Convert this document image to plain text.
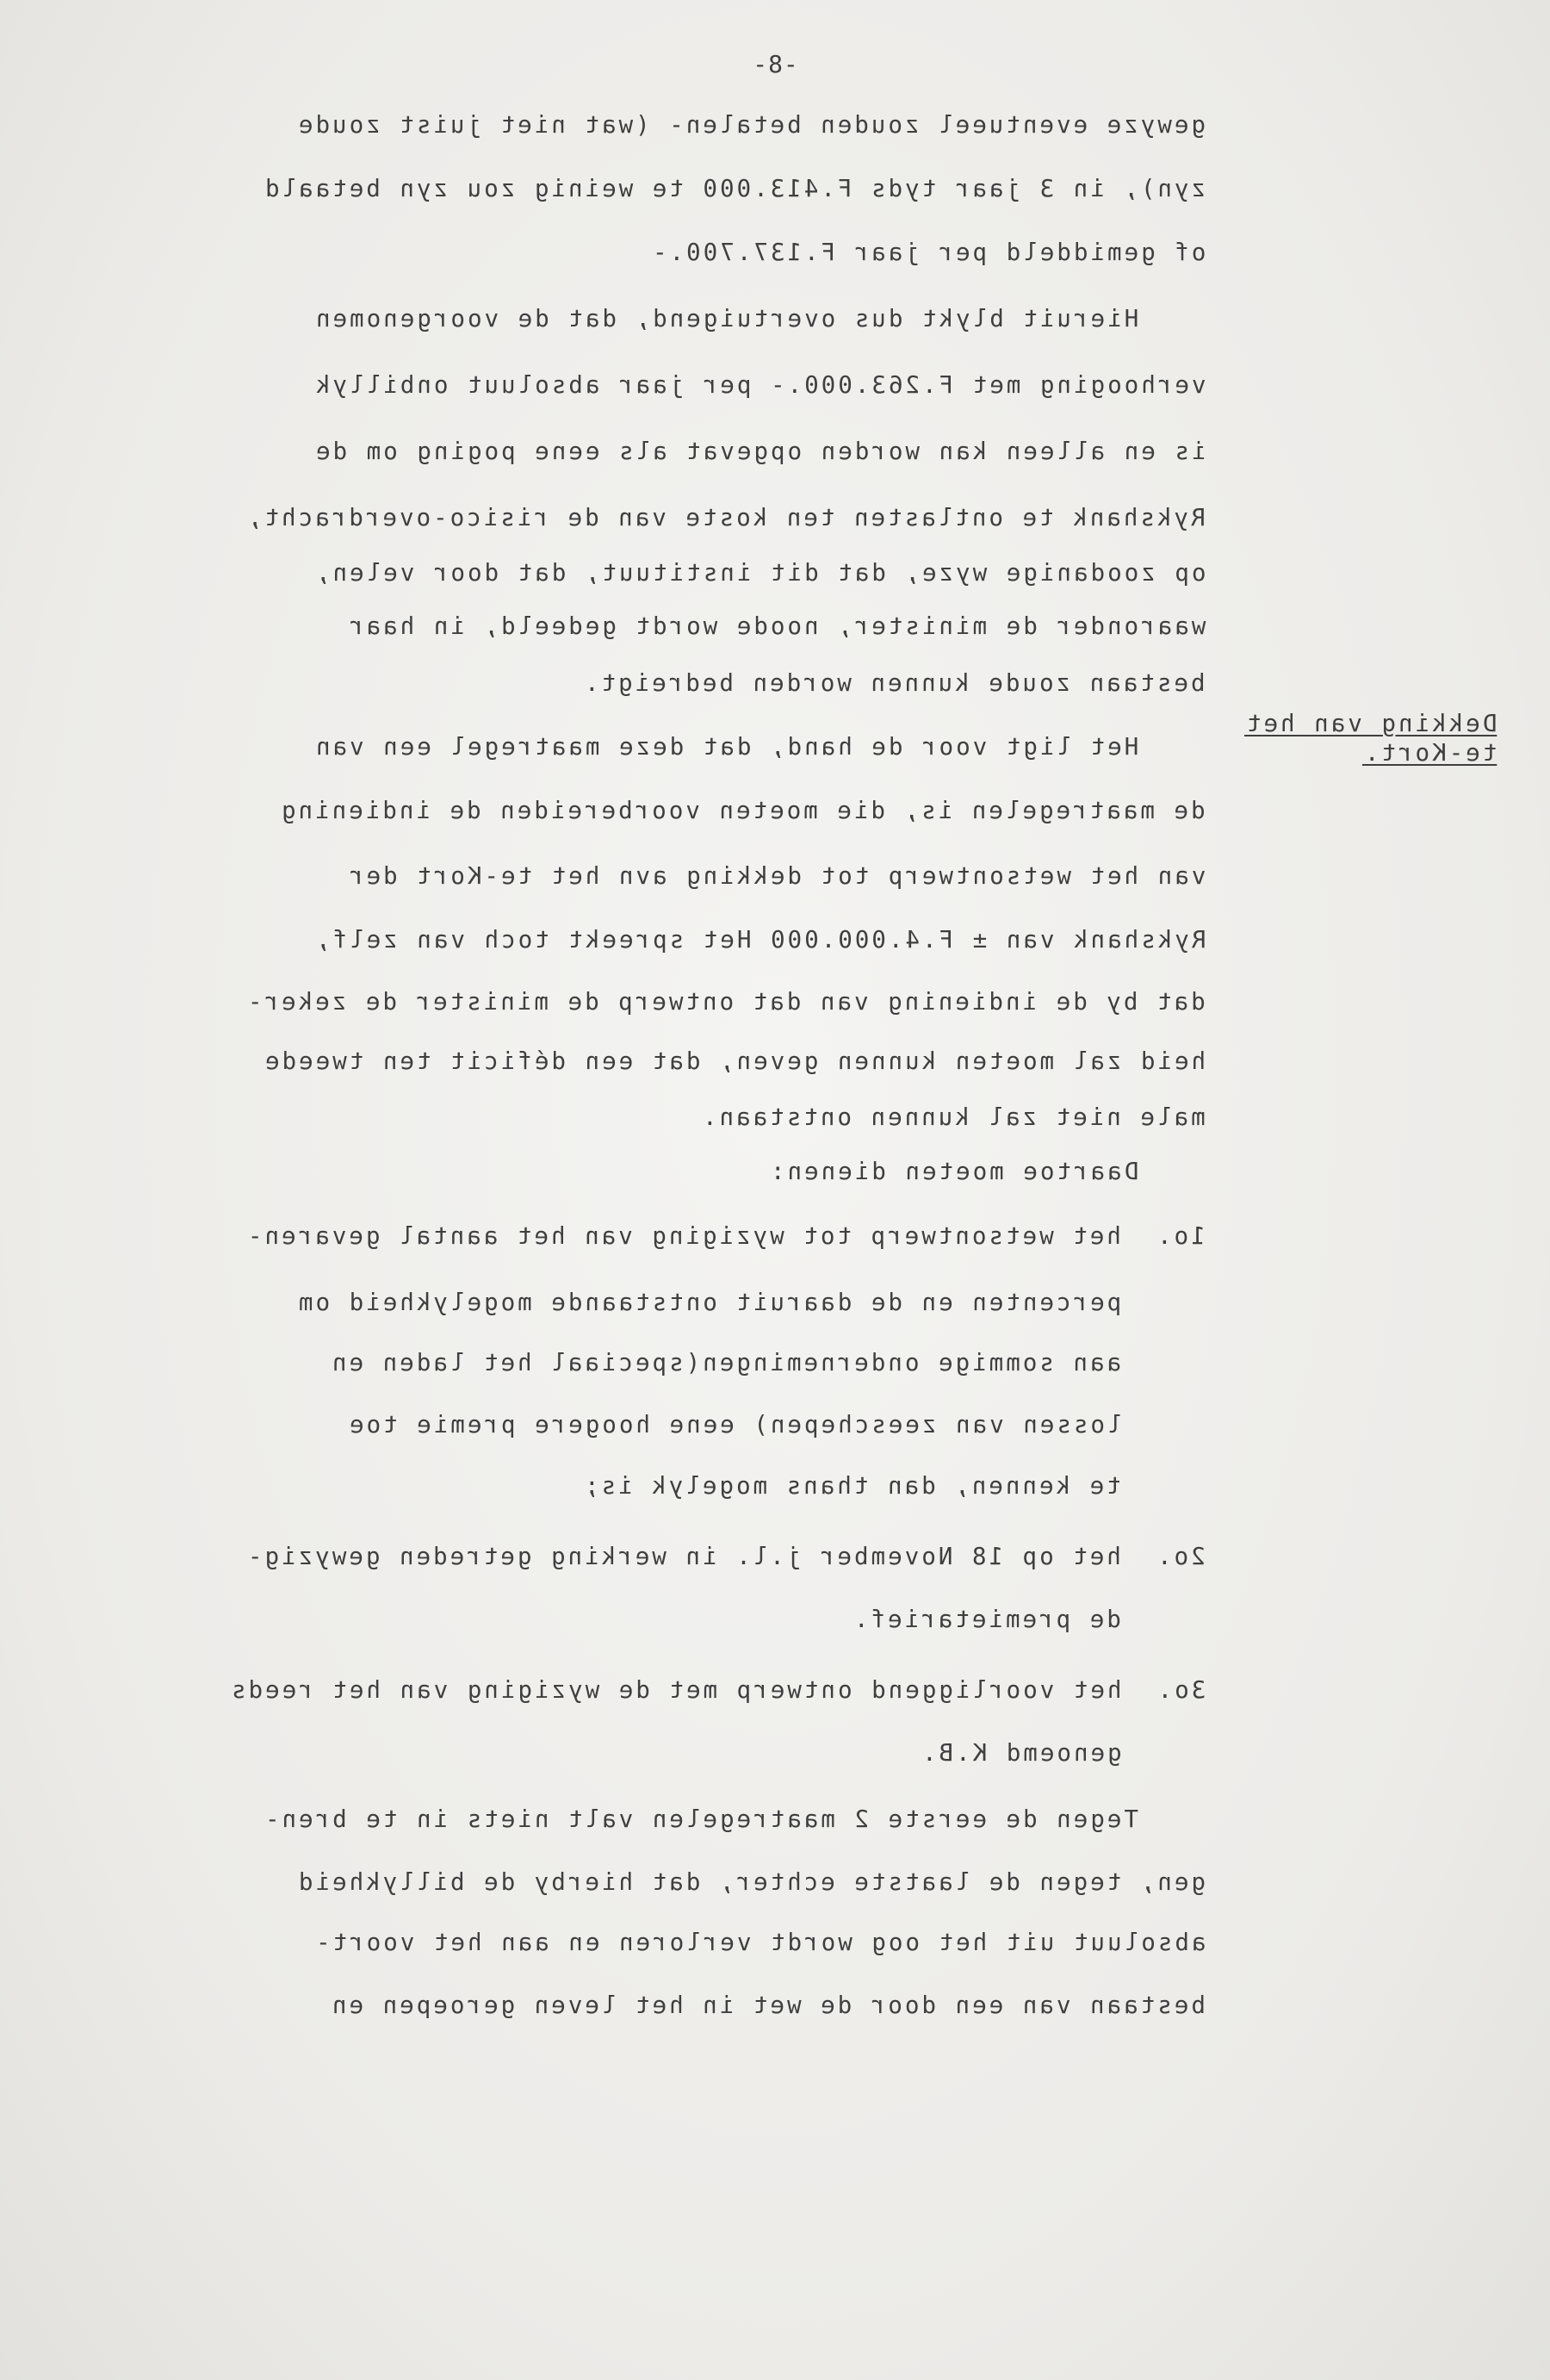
-8-
Dekking van het
te-Kort.
gewyze eventueel zouden betalen- (wat niet juist zoude
zyn), in 3 jaar tyds F.413.000 te weinig zou zyn betaald
of gemiddeld per jaar F.137.700.-
Hieruit blykt dus overtuigend, dat de voorgenomen
verhooging met F.263.000.- per jaar absoluut onbillyk
is en alleen kan worden opgevat als eene poging om de
Rykshank te ontlasten ten koste van de risico-overdracht,
op zoodanige wyze, dat dit instituut, dat door velen,
waaronder de minister, noode wordt gedeeld, in haar
bestaan zoude kunnen worden bedreigt.
Het ligt voor de hand, dat deze maatregel een van
de maatregelen is, die moeten voorbereiden de indiening
van het wetsontwerp tot dekking avn het te-Kort der
Rykshank van ± F.4.000.000 Het spreekt toch van zelf,
dat by de indiening van dat ontwerp de minister de zeker-
heid zal moeten kunnen geven, dat een déficit ten tweede
male niet zal kunnen ontstaan.
Daartoe moeten dienen:
1o.  het wetsontwerp tot wyziging van het aantal gevaren-
percenten en de daaruit ontstaande mogelykheid om
aan sommige ondernemingen(speciaal het laden en
lossen van zeeschepen) eene hoogere premie toe
te kennen, dan thans mogelyk is;
2o.  het op 18 November j.l. in werking getreden gewyzig-
de premietarief.
3o.  het voorliggend ontwerp met de wyziging van het reeds
genoemd K.B.
Tegen de eerste 2 maatregelen valt niets in te bren-
gen, tegen de laatste echter, dat hierby de billykheid
absoluut uit het oog wordt verloren en aan het voort-
bestaan van een door de wet in het leven geroepen en
